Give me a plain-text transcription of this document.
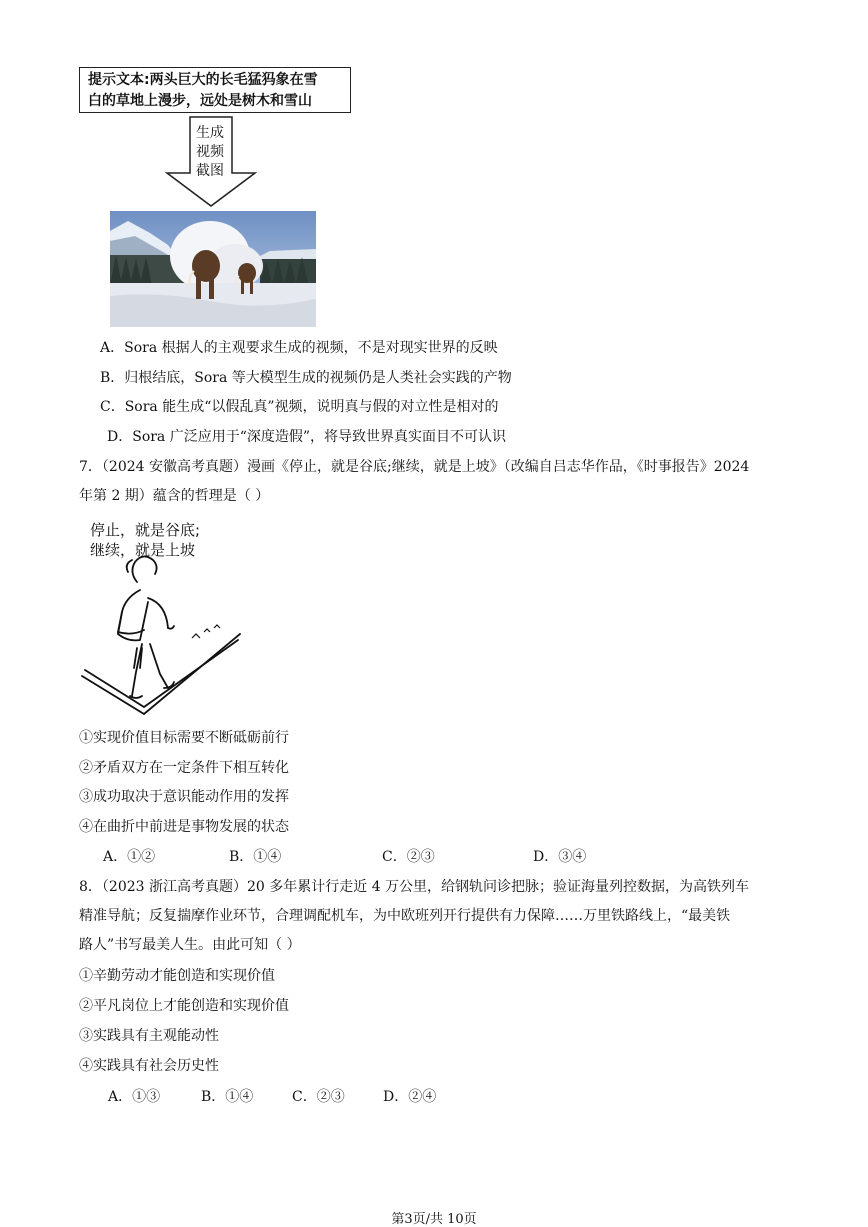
提示文本:两头巨大的长毛猛犸象在雪
白的草地上漫步，远处是树木和雪山
生成
视频
截图
A．Sora 根据人的主观要求生成的视频，不是对现实世界的反映
B．归根结底，Sora 等大模型生成的视频仍是人类社会实践的产物
C．Sora 能生成“以假乱真”视频，说明真与假的对立性是相对的
D．Sora 广泛应用于“深度造假”，将导致世界真实面目不可认识
7．（2024 安徽高考真题）漫画《停止，就是谷底;继续，就是上坡》（改编自吕志华作品，《时事报告》2024
年第 2 期）蕴含的哲理是（ ）
停止，就是谷底;
继续，就是上坡
①实现价值目标需要不断砥砺前行
②矛盾双方在一定条件下相互转化
③成功取决于意识能动作用的发挥
④在曲折中前进是事物发展的状态
A．①②	B．①④	C．②③	D．③④
8．（2023 浙江高考真题）20 多年累计行走近 4 万公里，给钢轨问诊把脉；验证海量列控数据，为高铁列车
精准导航；反复揣摩作业环节，合理调配机车，为中欧班列开行提供有力保障……万里铁路线上，“最美铁
路人”书写最美人生。由此可知（ ）
①辛勤劳动才能创造和实现价值
②平凡岗位上才能创造和实现价值
③实践具有主观能动性
④实践具有社会历史性
A．①③	B．①④	C．②③	D．②④
第3页/共 10页
